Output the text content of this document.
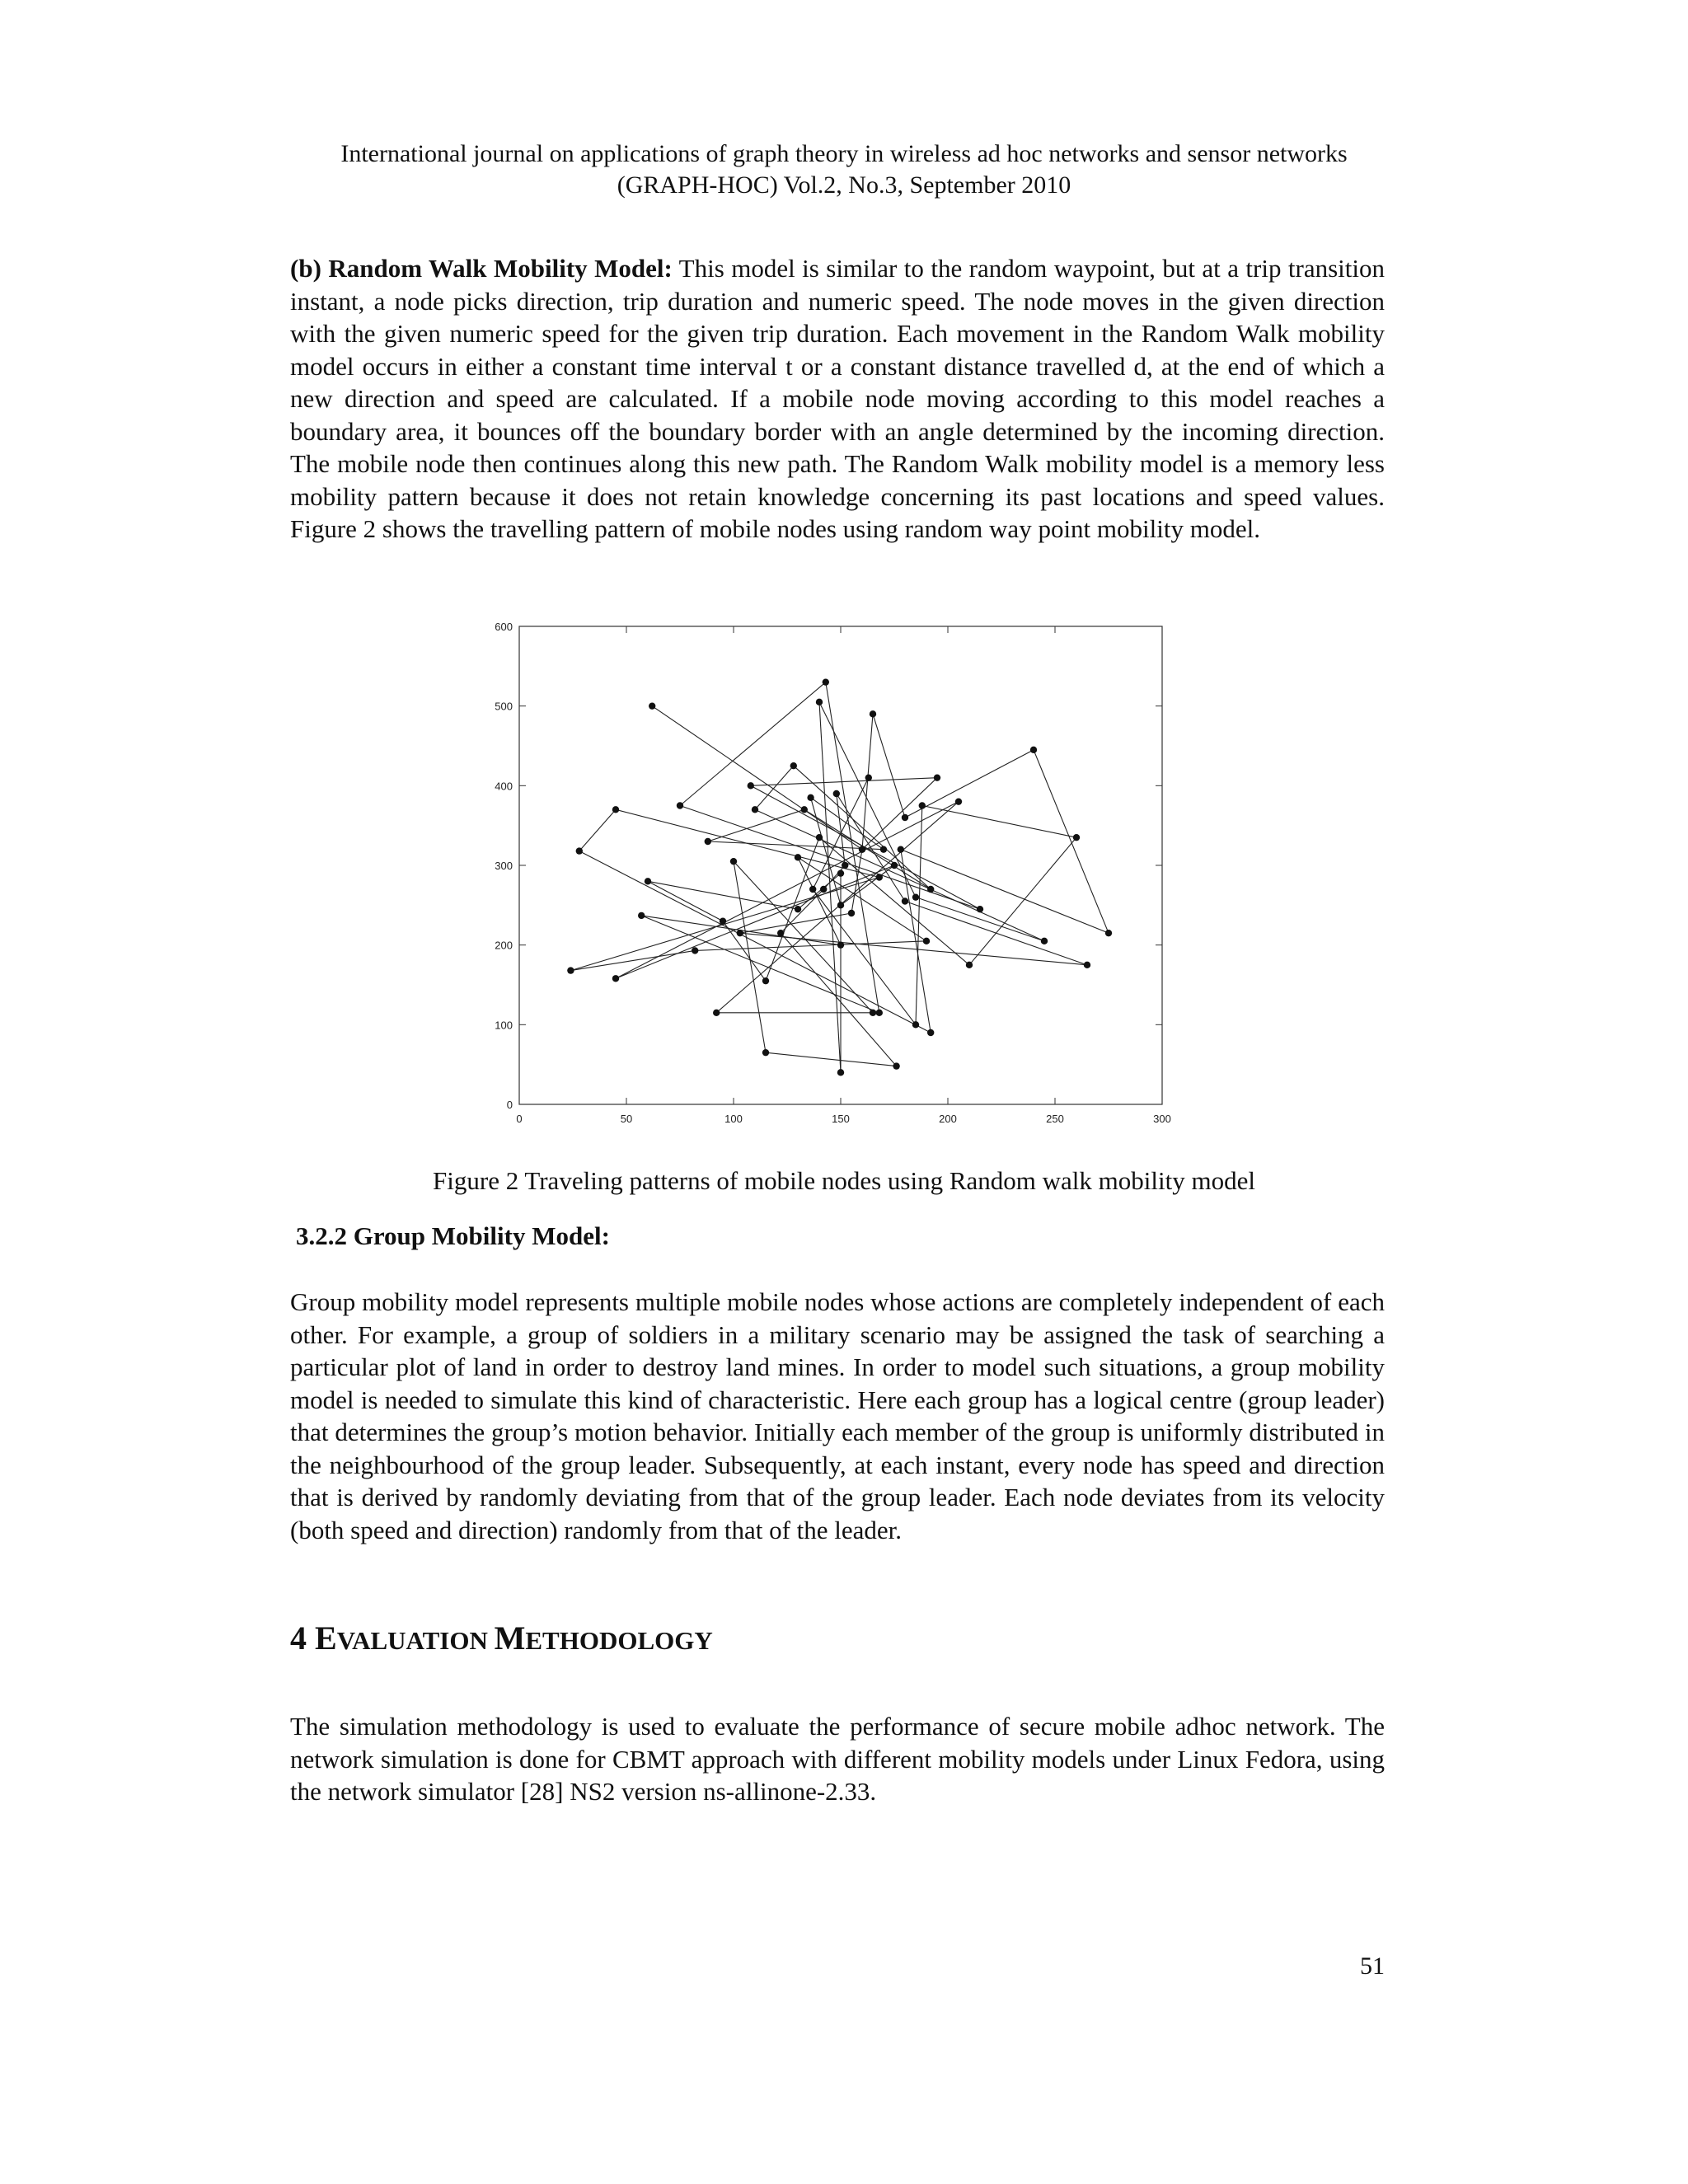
International journal on applications of graph theory in wireless ad hoc networks and sensor networks
(GRAPH-HOC) Vol.2, No.3, September 2010
(b) Random Walk Mobility Model: This model is similar to the random waypoint, but at a trip transition instant, a node picks direction, trip duration and numeric speed. The node moves in the given direction with the given numeric speed for the given trip duration. Each movement in the Random Walk mobility model occurs in either a constant time interval t or a constant distance travelled d, at the end of which a new direction and speed are calculated. If a mobile node moving according to this model reaches a boundary area, it bounces off the boundary border with an angle determined by the incoming direction. The mobile node then continues along this new path. The Random Walk mobility model is a memory less mobility pattern because it does not retain knowledge concerning its past locations and speed values. Figure 2 shows the travelling pattern of mobile nodes using random way point mobility model.
0	50	100	150	200	250	300
0
100
200
300
400
500
600
Figure 2 Traveling patterns of mobile nodes using Random walk mobility model
3.2.2 Group Mobility Model:
Group mobility model represents multiple mobile nodes whose actions are completely independent of each other. For example, a group of soldiers in a military scenario may be assigned the task of searching a particular plot of land in order to destroy land mines. In order to model such situations, a group mobility model is needed to simulate this kind of characteristic. Here each group has a logical centre (group leader) that determines the group’s motion behavior. Initially each member of the group is uniformly distributed in the neighbourhood of the group leader. Subsequently, at each instant, every node has speed and direction that is derived by randomly deviating from that of the group leader. Each node deviates from its velocity (both speed and direction) randomly from that of the leader.
4 EVALUATION METHODOLOGY
The simulation methodology is used to evaluate the performance of secure mobile adhoc network. The network simulation is done for CBMT approach with different mobility models under Linux Fedora, using the network simulator [28] NS2 version ns-allinone-2.33.
51
